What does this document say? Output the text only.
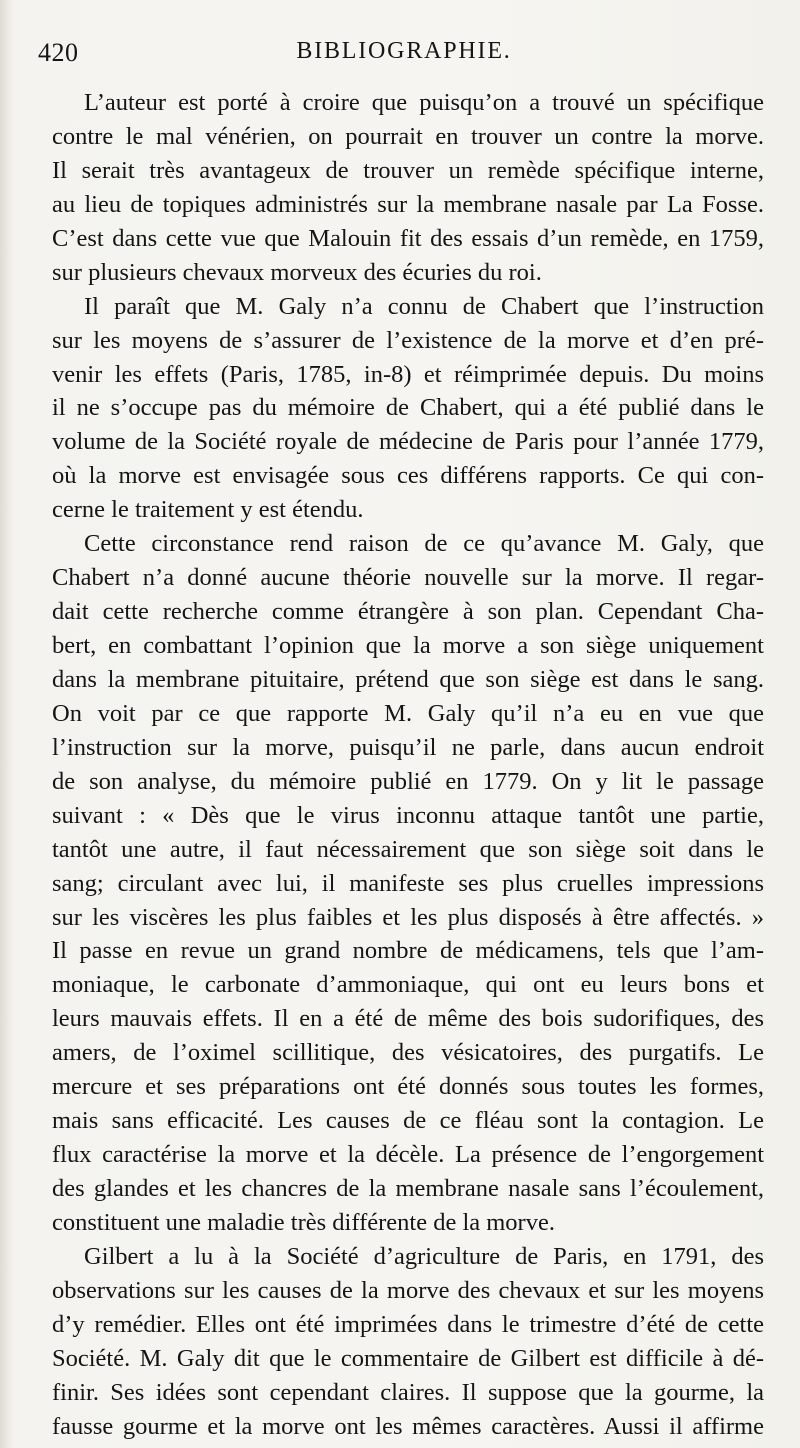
420	BIBLIOGRAPHIE.
L’auteur est porté à croire que puisqu’on a trouvé un spécifique
contre le mal vénérien, on pourrait en trouver un contre la morve.
Il serait très avantageux de trouver un remède spécifique interne,
au lieu de topiques administrés sur la membrane nasale par La Fosse.
C’est dans cette vue que Malouin fit des essais d’un remède, en 1759,
sur plusieurs chevaux morveux des écuries du roi.
Il paraît que M. Galy n’a connu de Chabert que l’instruction
sur les moyens de s’assurer de l’existence de la morve et d’en pré-
venir les effets (Paris, 1785, in-8) et réimprimée depuis. Du moins
il ne s’occupe pas du mémoire de Chabert, qui a été publié dans le
volume de la Société royale de médecine de Paris pour l’année 1779,
où la morve est envisagée sous ces différens rapports. Ce qui con-
cerne le traitement y est étendu.
Cette circonstance rend raison de ce qu’avance M. Galy, que
Chabert n’a donné aucune théorie nouvelle sur la morve. Il regar-
dait cette recherche comme étrangère à son plan. Cependant Cha-
bert, en combattant l’opinion que la morve a son siège uniquement
dans la membrane pituitaire, prétend que son siège est dans le sang.
On voit par ce que rapporte M. Galy qu’il n’a eu en vue que
l’instruction sur la morve, puisqu’il ne parle, dans aucun endroit
de son analyse, du mémoire publié en 1779. On y lit le passage
suivant : « Dès que le virus inconnu attaque tantôt une partie,
tantôt une autre, il faut nécessairement que son siège soit dans le
sang; circulant avec lui, il manifeste ses plus cruelles impressions
sur les viscères les plus faibles et les plus disposés à être affectés. »
Il passe en revue un grand nombre de médicamens, tels que l’am-
moniaque, le carbonate d’ammoniaque, qui ont eu leurs bons et
leurs mauvais effets. Il en a été de même des bois sudorifiques, des
amers, de l’oximel scillitique, des vésicatoires, des purgatifs. Le
mercure et ses préparations ont été donnés sous toutes les formes,
mais sans efficacité. Les causes de ce fléau sont la contagion. Le
flux caractérise la morve et la décèle. La présence de l’engorgement
des glandes et les chancres de la membrane nasale sans l’écoulement,
constituent une maladie très différente de la morve.
Gilbert a lu à la Société d’agriculture de Paris, en 1791, des
observations sur les causes de la morve des chevaux et sur les moyens
d’y remédier. Elles ont été imprimées dans le trimestre d’été de cette
Société. M. Galy dit que le commentaire de Gilbert est difficile à dé-
finir. Ses idées sont cependant claires. Il suppose que la gourme, la
fausse gourme et la morve ont les mêmes caractères. Aussi il affirme
